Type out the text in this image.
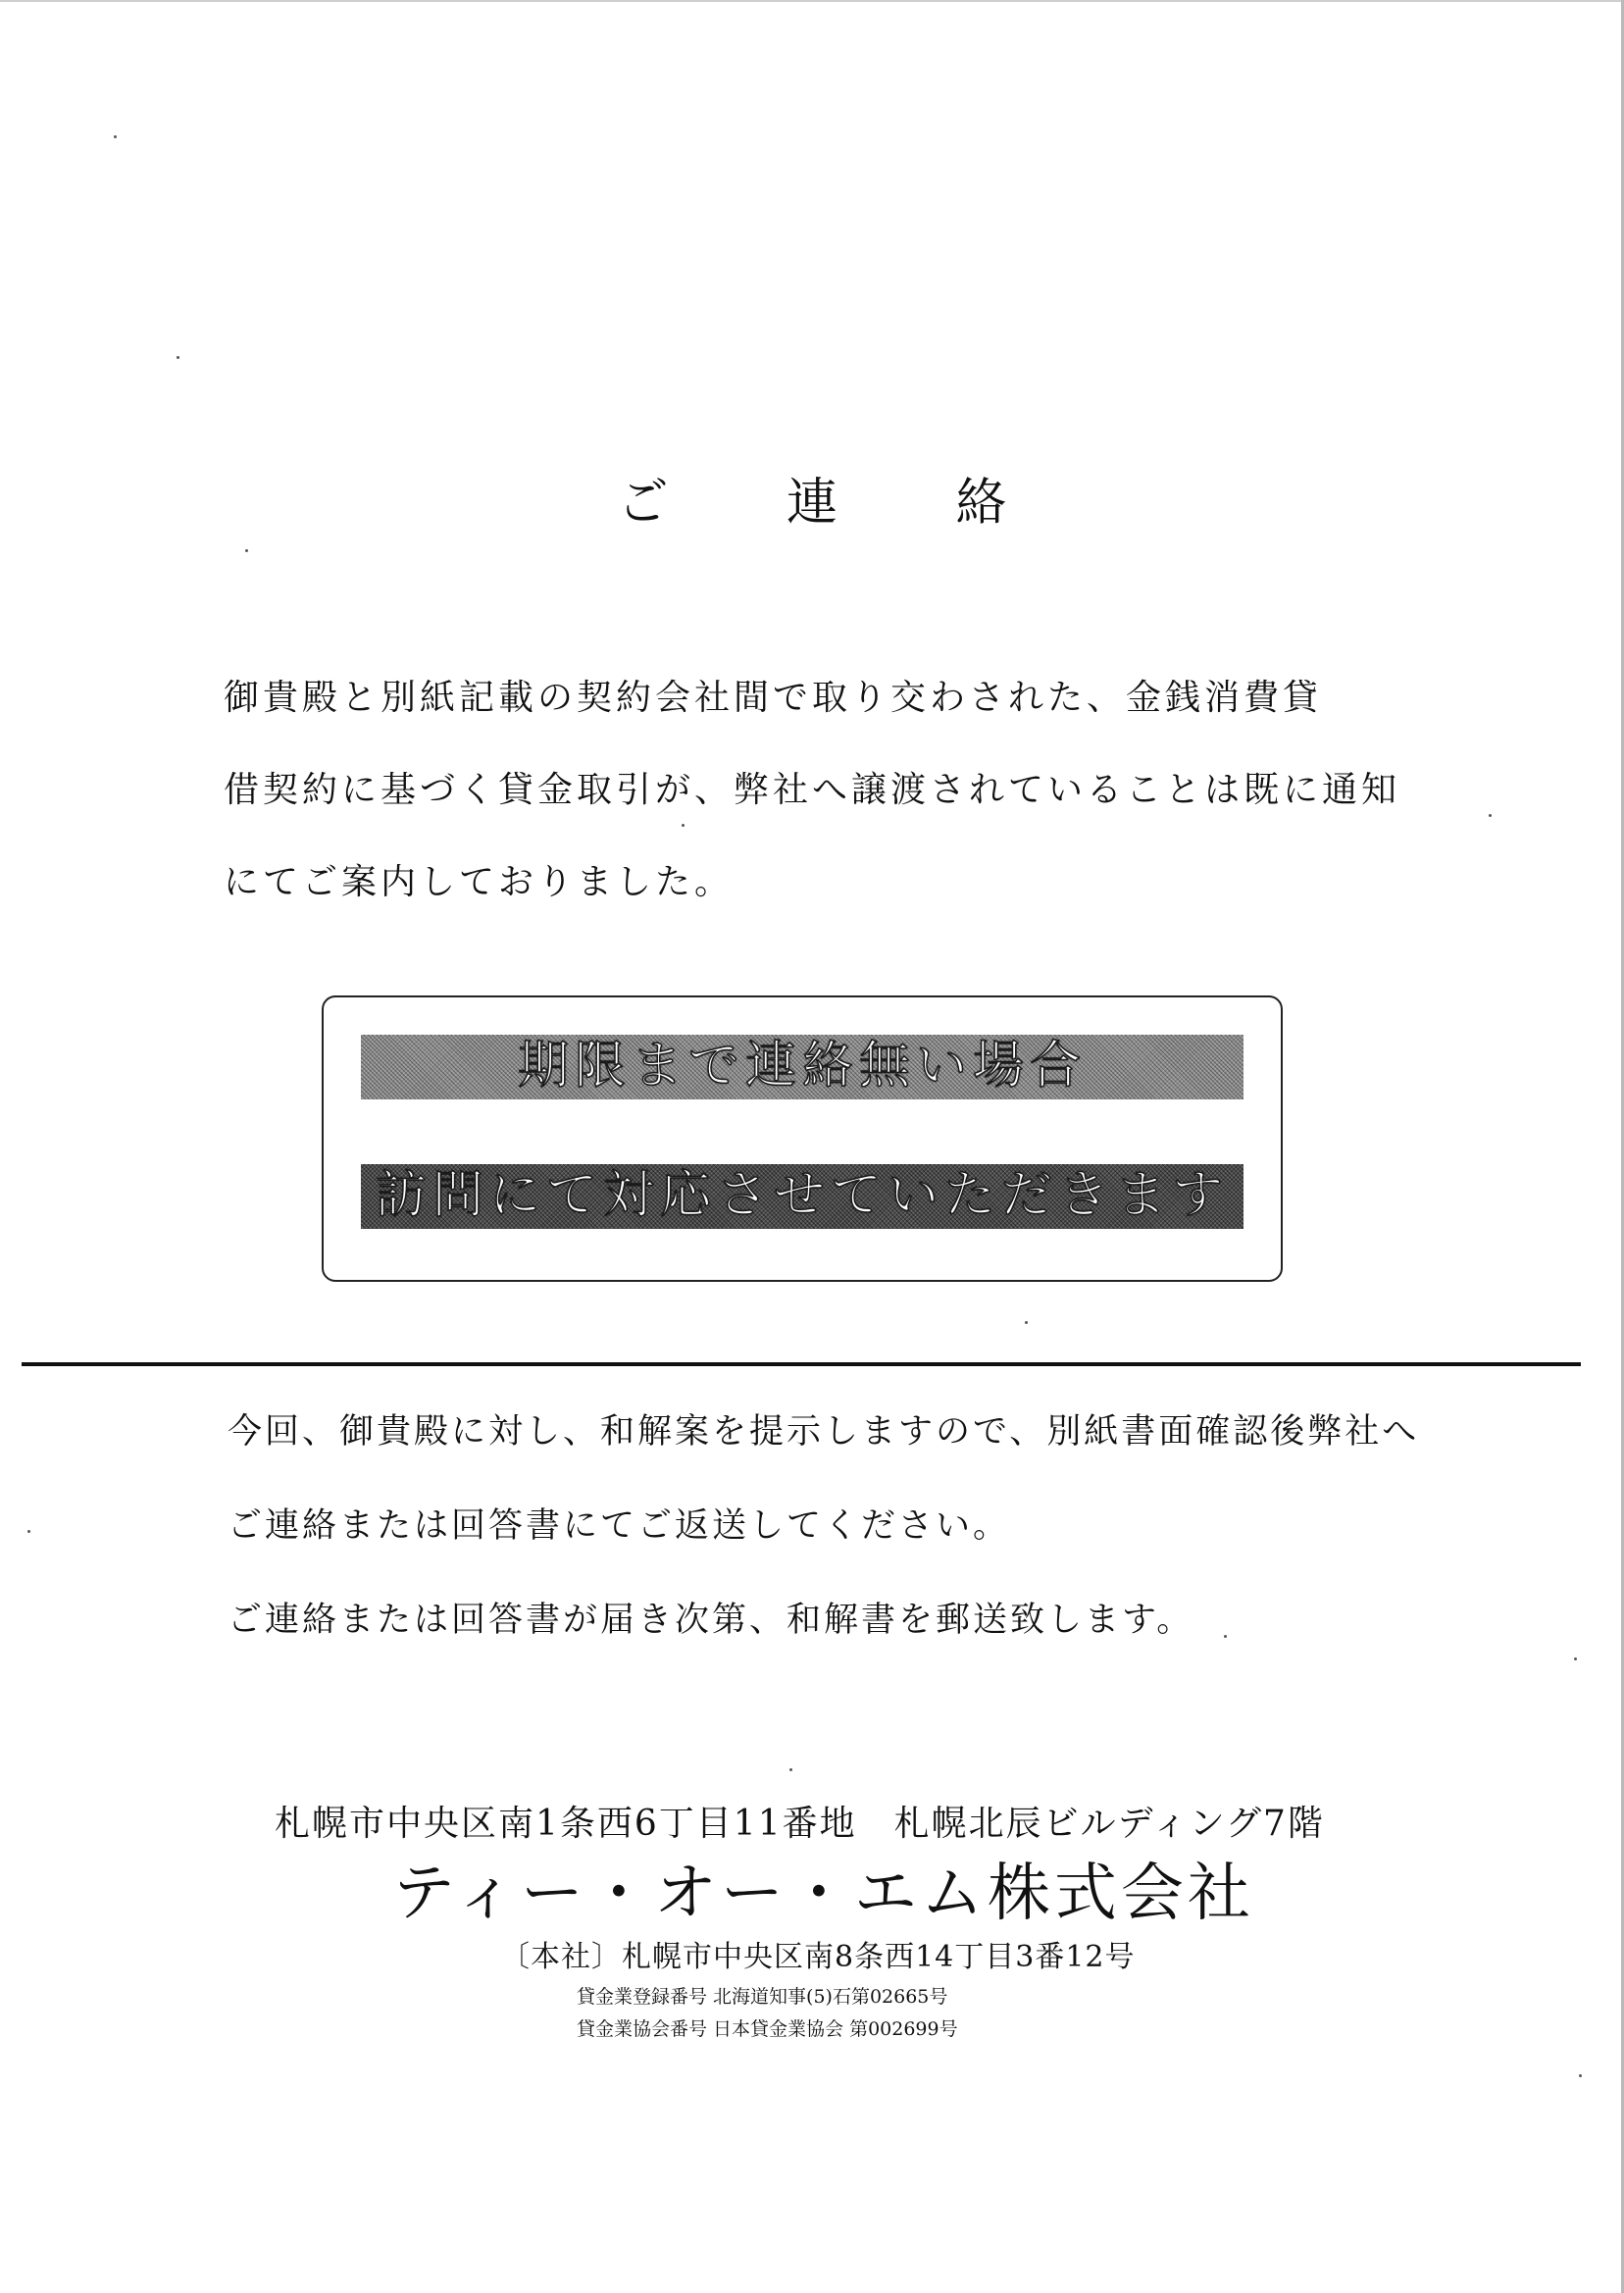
ご 連 絡
御貴殿と別紙記載の契約会社間で取り交わされた、金銭消費貸
借契約に基づく貸金取引が、弊社へ譲渡されていることは既に通知
にてご案内しておりました。
期限まで連絡無い場合
訪問にて対応させていただきます
今回、御貴殿に対し、和解案を提示しますので、別紙書面確認後弊社へ
ご連絡または回答書にてご返送してください。
ご連絡または回答書が届き次第、和解書を郵送致します。
札幌市中央区南1条西6丁目11番地　札幌北辰ビルディング7階
ティー・オー・エム株式会社
〔本社〕札幌市中央区南8条西14丁目3番12号
貸金業登録番号 北海道知事(5)石第02665号
貸金業協会番号 日本貸金業協会 第002699号
